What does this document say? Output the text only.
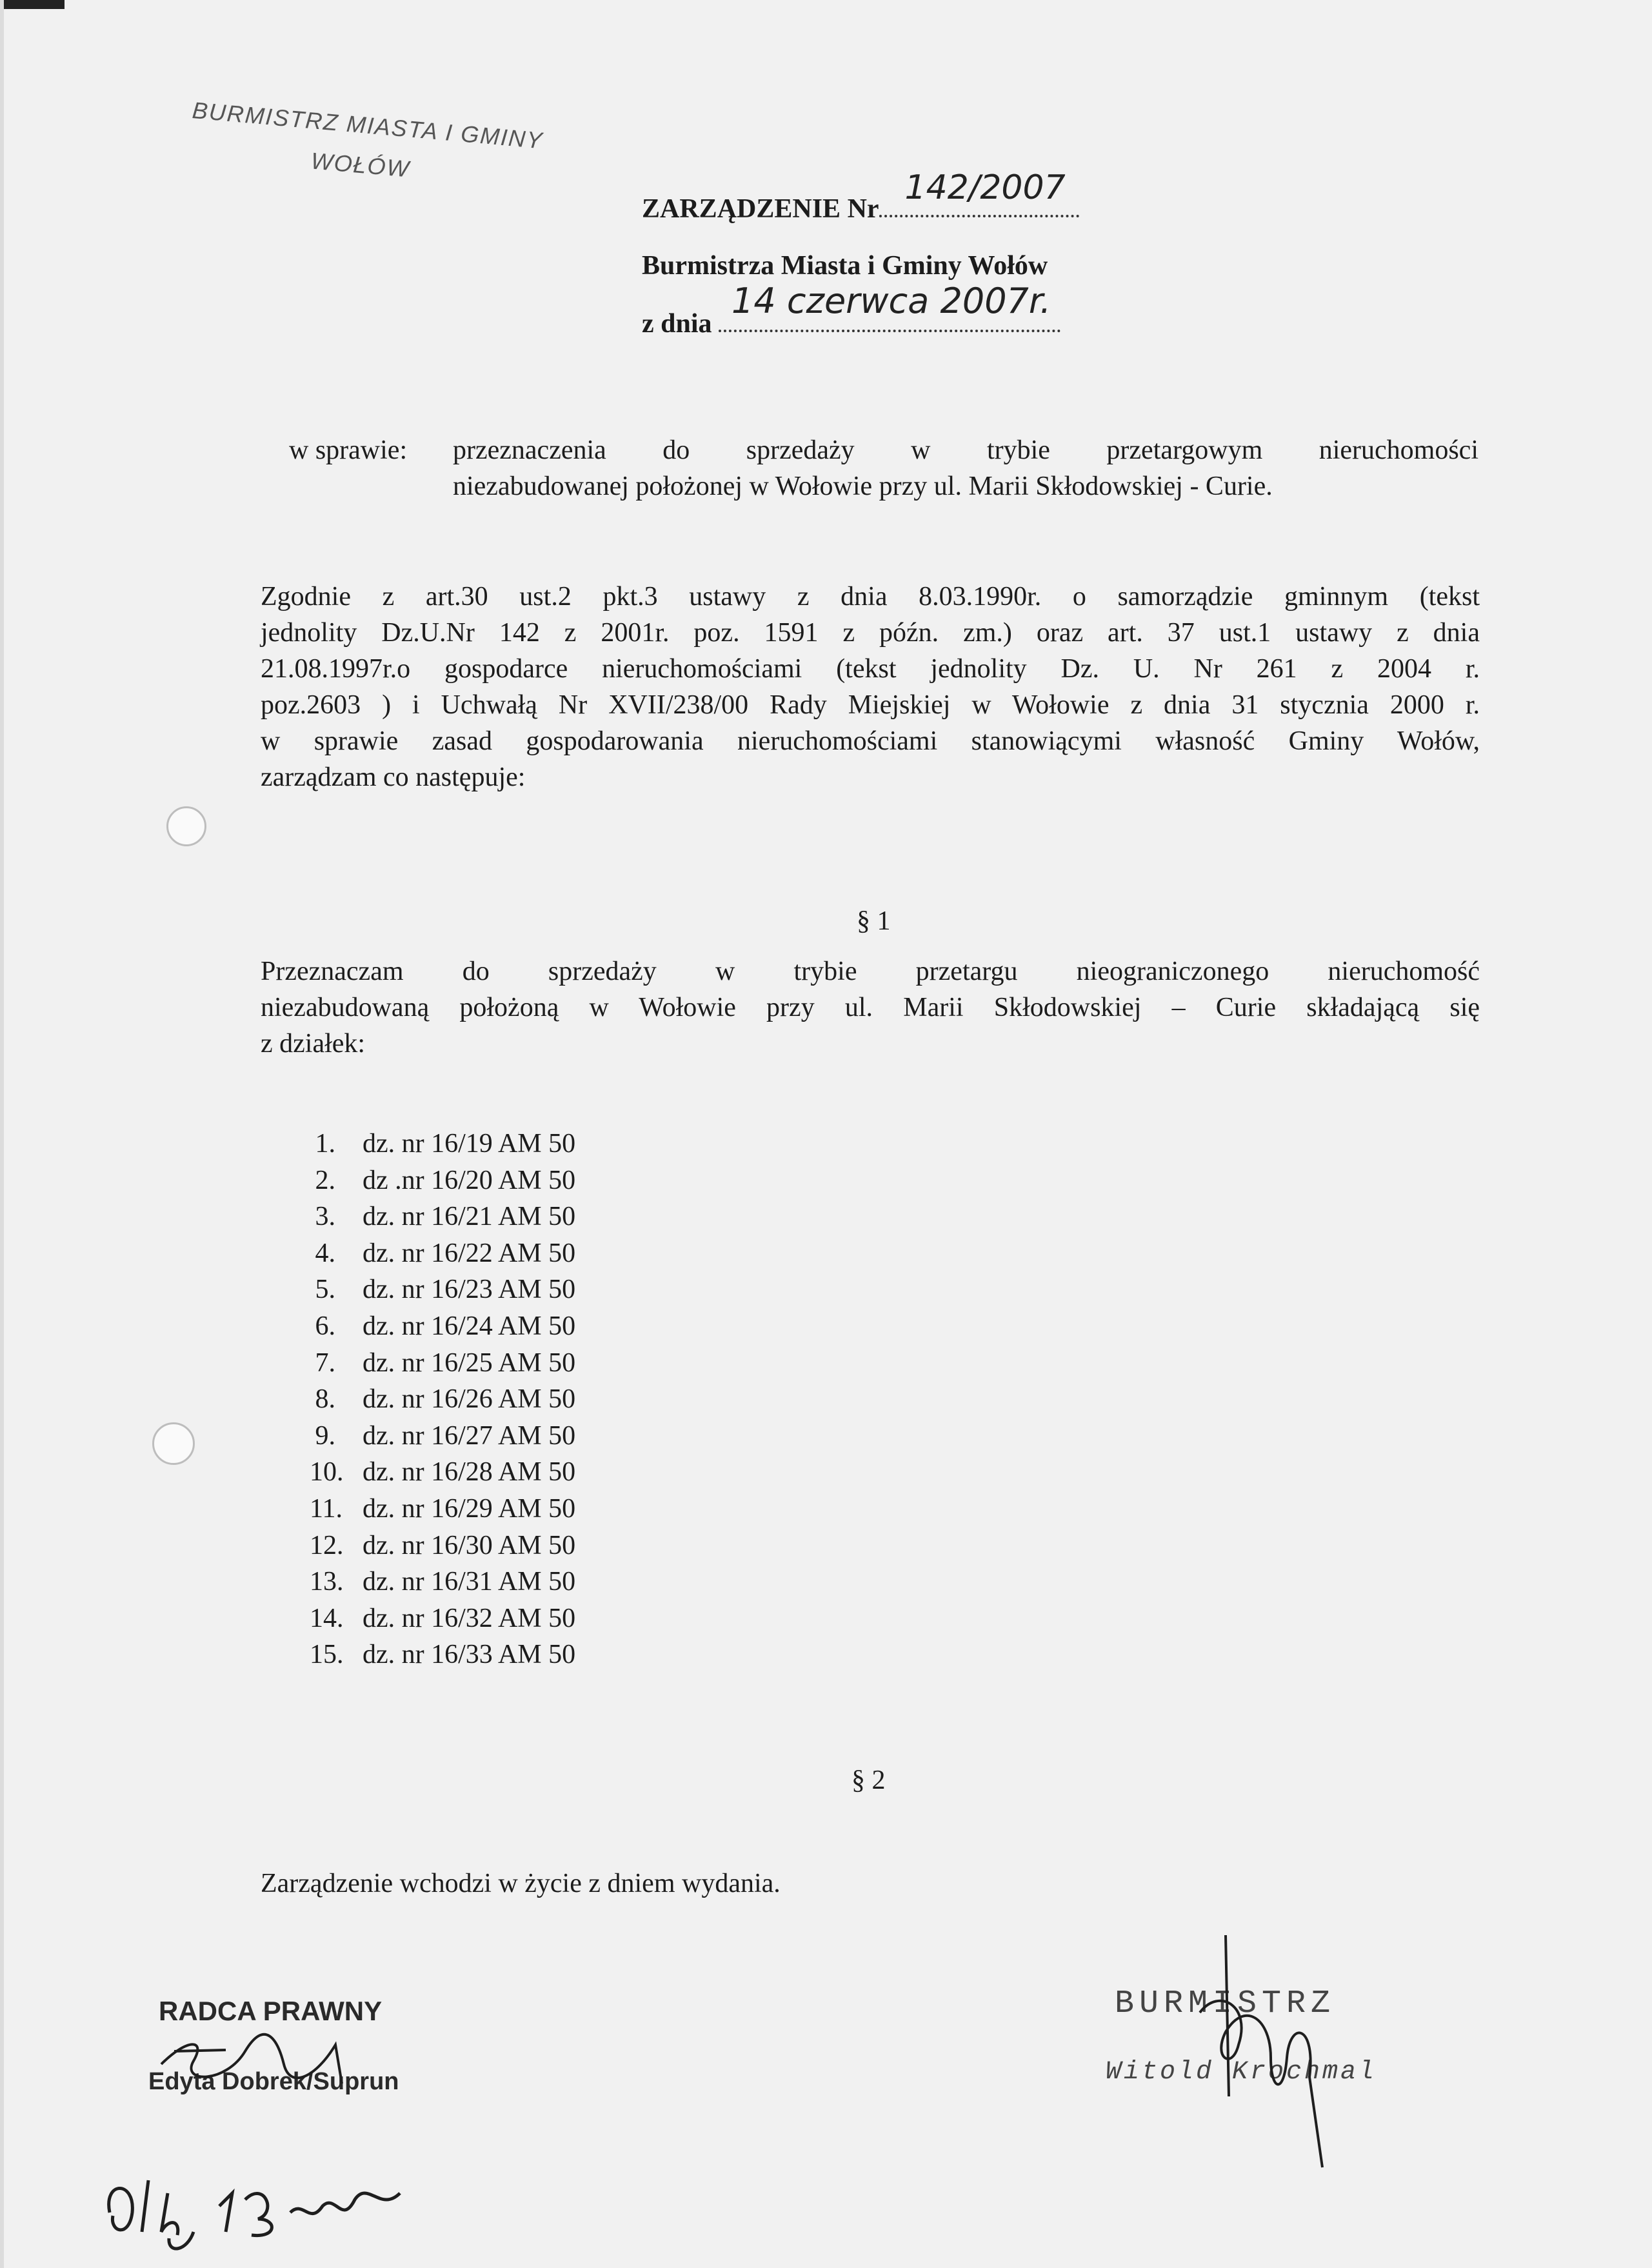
BURMISTRZ MIASTA I GMINY
WOŁÓW
ZARZĄDZENIE Nr
142/2007
Burmistrza Miasta i Gminy Wołów
z dnia
14 czerwca 2007r.
w sprawie: przeznaczenia do sprzedaży w trybie przetargowym nieruchomości
niezabudowanej położonej w Wołowie przy ul. Marii Skłodowskiej - Curie.
Zgodnie z art.30 ust.2 pkt.3 ustawy z dnia 8.03.1990r. o samorządzie gminnym (tekst
jednolity Dz.U.Nr 142 z 2001r. poz. 1591 z późn. zm.) oraz art. 37 ust.1 ustawy z dnia
21.08.1997r.o gospodarce nieruchomościami (tekst jednolity Dz. U. Nr 261 z 2004 r.
poz.2603 ) i Uchwałą Nr XVII/238/00 Rady Miejskiej w Wołowie z dnia 31 stycznia 2000 r.
w sprawie zasad gospodarowania nieruchomościami stanowiącymi własność Gminy Wołów,
zarządzam co następuje:
§ 1
Przeznaczam do sprzedaży w trybie przetargu nieograniczonego nieruchomość
niezabudowaną położoną w Wołowie przy ul. Marii Skłodowskiej – Curie składającą się
z działek:
1. dz. nr 16/19 AM 50
2. dz .nr 16/20 AM 50
3. dz. nr 16/21 AM 50
4. dz. nr 16/22 AM 50
5. dz. nr 16/23 AM 50
6. dz. nr 16/24 AM 50
7. dz. nr 16/25 AM 50
8. dz. nr 16/26 AM 50
9. dz. nr 16/27 AM 50
10. dz. nr 16/28 AM 50
11. dz. nr 16/29 AM 50
12. dz. nr 16/30 AM 50
13. dz. nr 16/31 AM 50
14. dz. nr 16/32 AM 50
15. dz. nr 16/33 AM 50
§ 2
Zarządzenie wchodzi w życie z dniem wydania.
RADCA PRAWNY
Edyta Dobrek/Suprun
BURMISTRZ
Witold Krochmal
